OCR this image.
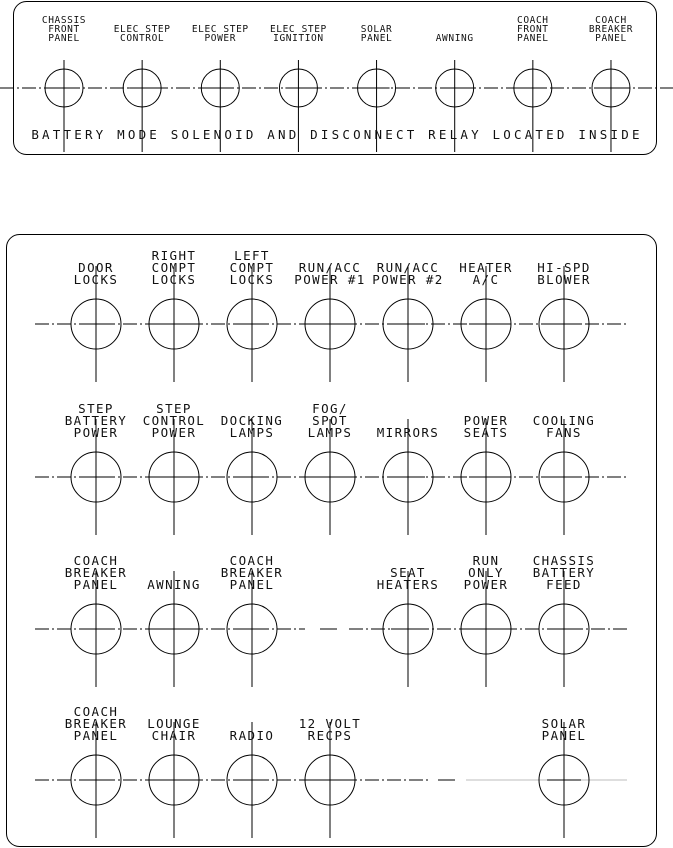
CHASSIS
FRONT
PANEL
ELEC STEP
CONTROL
ELEC STEP
POWER
ELEC STEP
IGNITION
SOLAR
PANEL	AWNING
COACH
FRONT
PANEL
COACH
BREAKER
PANEL
BATTERY MODE SOLENOID AND DISCONNECT RELAY LOCATED INSIDE
DOOR
LOCKS
RIGHT
COMPT
LOCKS
LEFT
COMPT
LOCKS
RUN/ACC
POWER #1
RUN/ACC
POWER #2
HEATER
A/C
HI-SPD
BLOWER
STEP
BATTERY
POWER
STEP
CONTROL
POWER
DOCKING
LAMPS
FOG/
SPOT
LAMPS MIRRORS
POWER
SEATS
COOLING
FANS
COACH
BREAKER
PANEL AWNING
COACH
BREAKER
PANEL
SEAT
HEATERS
RUN
ONLY
POWER
CHASSIS
BATTERY
FEED
COACH
BREAKER
PANEL
LOUNGE
CHAIR	RADIO
12 VOLT
RECPS
SOLAR
PANEL
